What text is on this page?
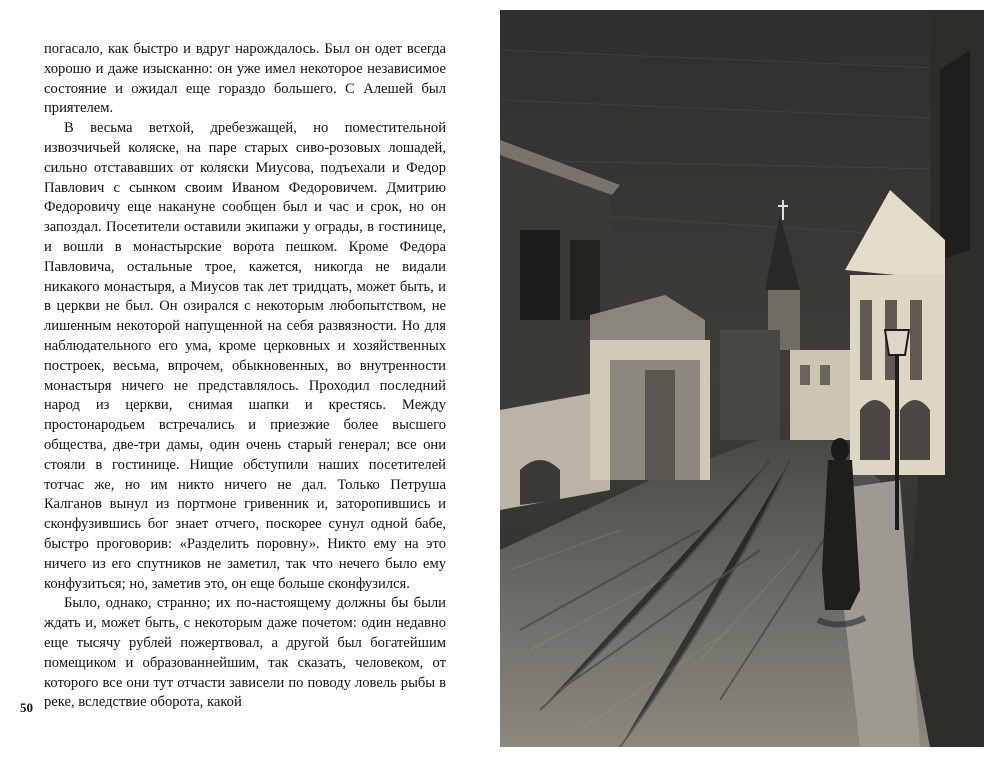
погасало, как быстро и вдруг нарождалось. Был он одет всегда хорошо и даже изысканно: он уже имел некоторое независимое состояние и ожидал еще гораздо большего. С Алешей был приятелем.

В весьма ветхой, дребезжащей, но поместительной извозчичьей коляске, на паре старых сиво-розовых лошадей, сильно отстававших от коляски Миусова, подъехали и Федор Павлович с сынком своим Иваном Федоровичем. Дмитрию Федоровичу еще накануне сообщен был и час и срок, но он запоздал. Посетители оставили экипажи у ограды, в гостинице, и вошли в монастырские ворота пешком. Кроме Федора Павловича, остальные трое, кажется, никогда не видали никакого монастыря, а Миусов так лет тридцать, может быть, и в церкви не был. Он озирался с некоторым любопытством, не лишенным некоторой напущенной на себя развязности. Но для наблюдательного его ума, кроме церковных и хозяйственных построек, весьма, впрочем, обыкновенных, во внутренности монастыря ничего не представлялось. Проходил последний народ из церкви, снимая шапки и крестясь. Между простонародьем встречались и приезжие более высшего общества, две-три дамы, один очень старый генерал; все они стояли в гостинице. Нищие обступили наших посетителей тотчас же, но им никто ничего не дал. Только Петруша Калганов вынул из портмоне гривенник и, заторопившись и сконфузившись бог знает отчего, поскорее сунул одной бабе, быстро проговорив: «Разделить поровну». Никто ему на это ничего из его спутников не заметил, так что нечего было ему конфузиться; но, заметив это, он еще больше сконфузился.

Было, однако, странно; их по-настоящему должны бы были ждать и, может быть, с некоторым даже почетом: один недавно еще тысячу рублей пожертвовал, а другой был богатейшим помещиком и образованнейшим, так сказать, человеком, от которого все они тут отчасти зависели по поводу ловель рыбы в реке, вследствие оборота, какой

50
